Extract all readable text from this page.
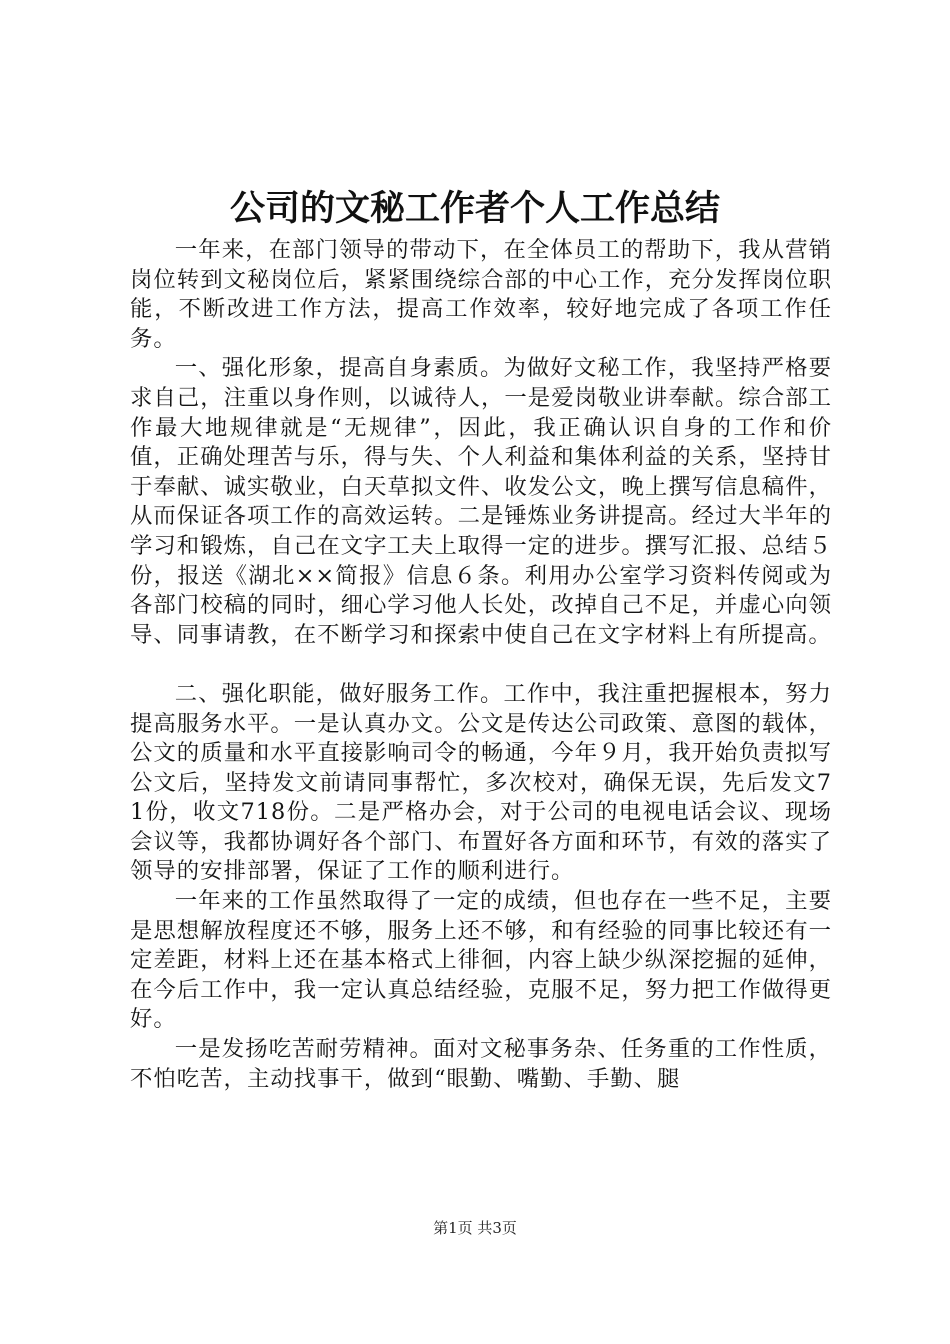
公司的文秘工作者个人工作总结

一年来，在部门领导的带动下，在全体员工的帮助下，我从营销岗位转到文秘岗位后，紧紧围绕综合部的中心工作，充分发挥岗位职能，不断改进工作方法，提高工作效率，较好地完成了各项工作任务。

一、强化形象，提高自身素质。为做好文秘工作，我坚持严格要求自己，注重以身作则，以诚待人，一是爱岗敬业讲奉献。综合部工作最大地规律就是“无规律”，因此，我正确认识自身的工作和价值，正确处理苦与乐，得与失、个人利益和集体利益的关系，坚持甘于奉献、诚实敬业，白天草拟文件、收发公文，晚上撰写信息稿件，从而保证各项工作的高效运转。二是锤炼业务讲提高。经过大半年的学习和锻炼，自己在文字工夫上取得一定的进步。撰写汇报、总结５份，报送《湖北××简报》信息６条。利用办公室学习资料传阅或为各部门校稿的同时，细心学习他人长处，改掉自己不足，并虚心向领导、同事请教，在不断学习和探索中使自己在文字材料上有所提高。

二、强化职能，做好服务工作。工作中，我注重把握根本，努力提高服务水平。一是认真办文。公文是传达公司政策、意图的载体，公文的质量和水平直接影响司令的畅通，今年９月，我开始负责拟写公文后，坚持发文前请同事帮忙，多次校对，确保无误，先后发文71份，收文718份。二是严格办会，对于公司的电视电话会议、现场会议等，我都协调好各个部门、布置好各方面和环节，有效的落实了领导的安排部署，保证了工作的顺利进行。

一年来的工作虽然取得了一定的成绩，但也存在一些不足，主要是思想解放程度还不够，服务上还不够，和有经验的同事比较还有一定差距，材料上还在基本格式上徘徊，内容上缺少纵深挖掘的延伸，在今后工作中，我一定认真总结经验，克服不足，努力把工作做得更好。

一是发扬吃苦耐劳精神。面对文秘事务杂、任务重的工作性质，不怕吃苦，主动找事干，做到“眼勤、嘴勤、手勤、腿

第1页 共3页
